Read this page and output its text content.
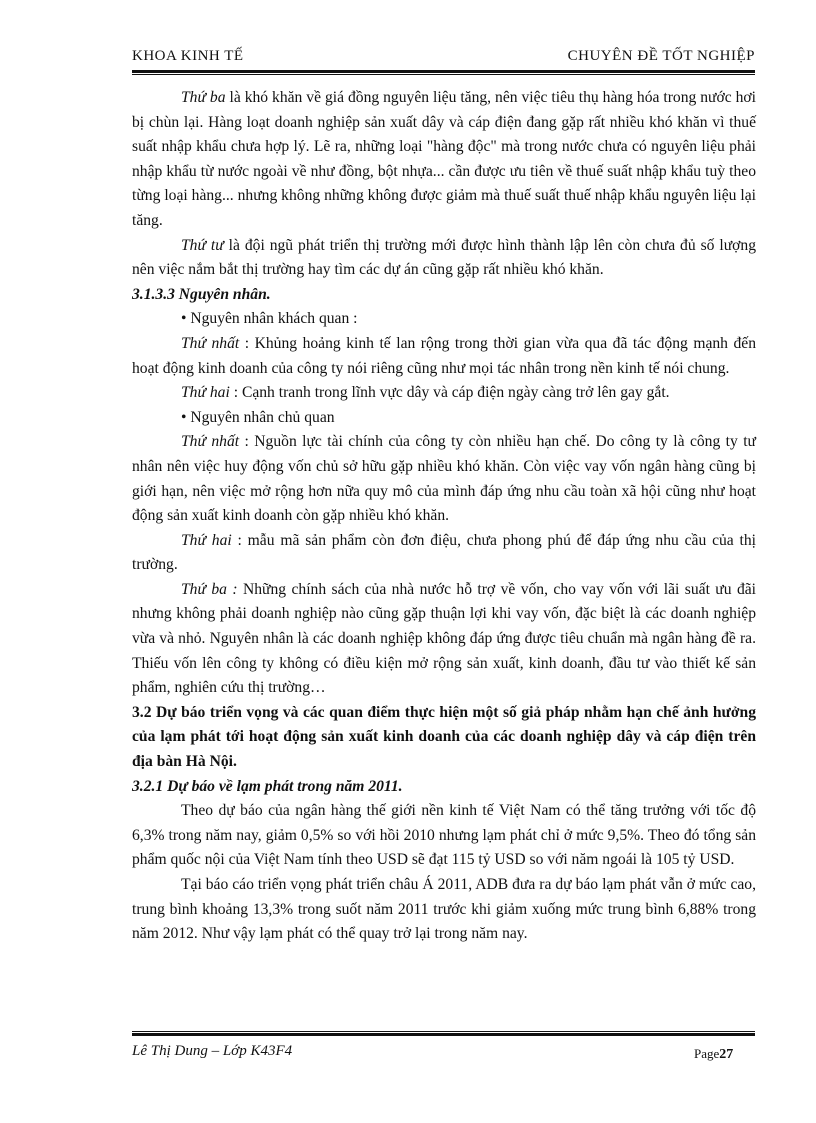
KHOA KINH TẾ	CHUYÊN ĐỀ TỐT NGHIỆP

Thứ ba là khó khăn về giá đồng nguyên liệu tăng, nên việc tiêu thụ hàng hóa trong nước hơi bị chùn lại. Hàng loạt doanh nghiệp sản xuất dây và cáp điện đang gặp rất nhiều khó khăn vì thuế suất nhập khẩu chưa hợp lý. Lẽ ra, những loại "hàng độc" mà trong nước chưa có nguyên liệu phải nhập khẩu từ nước ngoài về như đồng, bột nhựa... cần được ưu tiên về thuế suất nhập khẩu tuỳ theo từng loại hàng... nhưng không những không được giảm mà thuế suất thuế nhập khẩu nguyên liệu lại tăng.

Thứ tư là đội ngũ phát triển thị trường mới được hình thành lập lên còn chưa đủ số lượng nên việc nắm bắt thị trường hay tìm các dự án cũng gặp rất nhiều khó khăn.

3.1.3.3 Nguyên nhân.

• Nguyên nhân khách quan :

Thứ nhất : Khủng hoảng kinh tế lan rộng trong thời gian vừa qua đã tác động mạnh đến hoạt động kinh doanh của công ty nói riêng cũng như mọi tác nhân trong nền kinh tế nói chung.

Thứ hai : Cạnh tranh trong lĩnh vực dây và cáp điện ngày càng trở lên gay gắt.

• Nguyên nhân chủ quan

Thứ nhất : Nguồn lực tài chính của công ty còn nhiều hạn chế. Do công ty là công ty tư nhân nên việc huy động vốn chủ sở hữu gặp nhiều khó khăn. Còn việc vay vốn ngân hàng cũng bị giới hạn, nên việc mở rộng hơn nữa quy mô của mình đáp ứng nhu cầu toàn xã hội cũng như hoạt động sản xuất kinh doanh còn gặp nhiều khó khăn.

Thứ hai : mẫu mã sản phẩm còn đơn điệu, chưa phong phú để đáp ứng nhu cầu của thị trường.

Thứ ba : Những chính sách của nhà nước hỗ trợ về vốn, cho vay vốn với lãi suất ưu đãi nhưng không phải doanh nghiệp nào cũng gặp thuận lợi khi vay vốn, đặc biệt là các doanh nghiệp vừa và nhỏ. Nguyên nhân là các doanh nghiệp không đáp ứng được tiêu chuẩn mà ngân hàng đề ra. Thiếu vốn lên công ty không có điều kiện mở rộng sản xuất, kinh doanh, đầu tư vào thiết kế sản phẩm, nghiên cứu thị trường…

3.2 Dự báo triển vọng và các quan điểm thực hiện một số giả pháp nhằm hạn chế ảnh hưởng của lạm phát tới hoạt động sản xuất kinh doanh của các doanh nghiệp dây và cáp điện trên địa bàn Hà Nội.

3.2.1 Dự báo về lạm phát trong năm 2011.

Theo dự báo của ngân hàng thế giới nền kinh tế Việt Nam có thể tăng trưởng với tốc độ 6,3% trong năm nay, giảm 0,5% so với hồi 2010 nhưng lạm phát chỉ ở mức 9,5%. Theo đó tổng sản phẩm quốc nội của Việt Nam tính theo USD sẽ đạt 115 tỷ USD so với năm ngoái là 105 tỷ USD.

Tại báo cáo triển vọng phát triển châu Á 2011, ADB đưa ra dự báo lạm phát vẫn ở mức cao, trung bình khoảng 13,3% trong suốt năm 2011 trước khi giảm xuống mức trung bình 6,88% trong năm 2012. Như vậy lạm phát có thể quay trở lại trong năm nay.

Lê Thị Dung – Lớp K43F4	Page27
